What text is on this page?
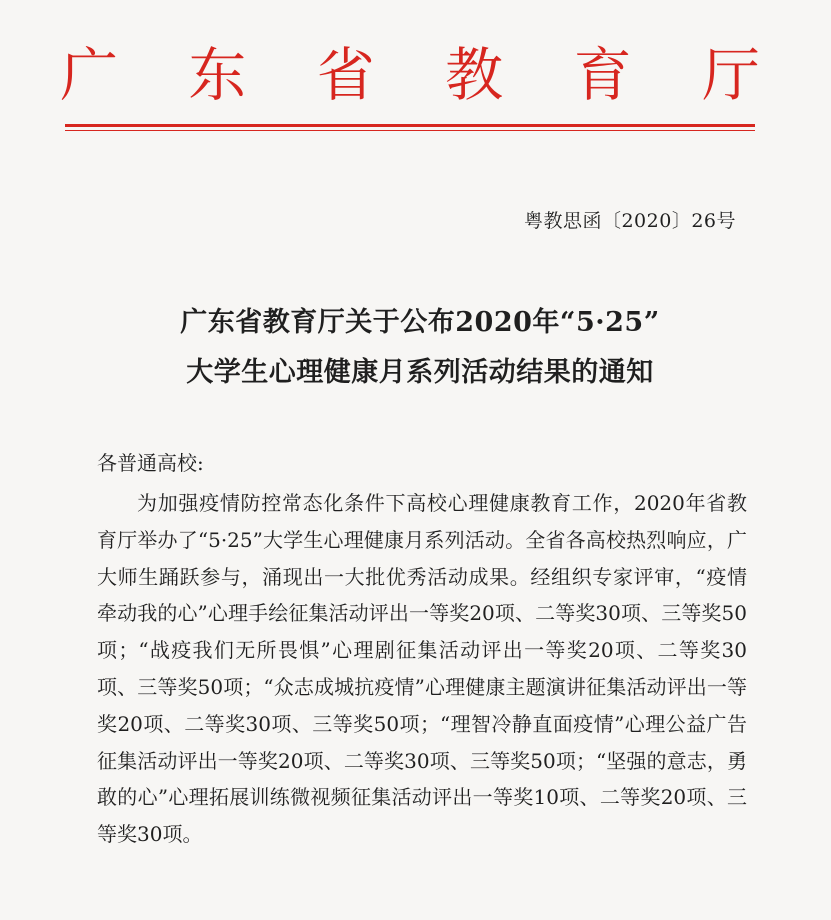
广 东 省 教 育 厅
粤教思函〔2020〕26号
广东省教育厅关于公布2020年“5·25”
大学生心理健康月系列活动结果的通知
各普通高校:

为加强疫情防控常态化条件下高校心理健康教育工作，2020年省教育厅举办了“5·25”大学生心理健康月系列活动。全省各高校热烈响应，广大师生踊跃参与，涌现出一大批优秀活动成果。经组织专家评审，“疫情牵动我的心”心理手绘征集活动评出一等奖20项、二等奖30项、三等奖50项；“战疫我们无所畏惧”心理剧征集活动评出一等奖20项、二等奖30项、三等奖50项；“众志成城抗疫情”心理健康主题演讲征集活动评出一等奖20项、二等奖30项、三等奖50项；“理智冷静直面疫情”心理公益广告征集活动评出一等奖20项、二等奖30项、三等奖50项；“坚强的意志，勇敢的心”心理拓展训练微视频征集活动评出一等奖10项、二等奖20项、三等奖30项。
